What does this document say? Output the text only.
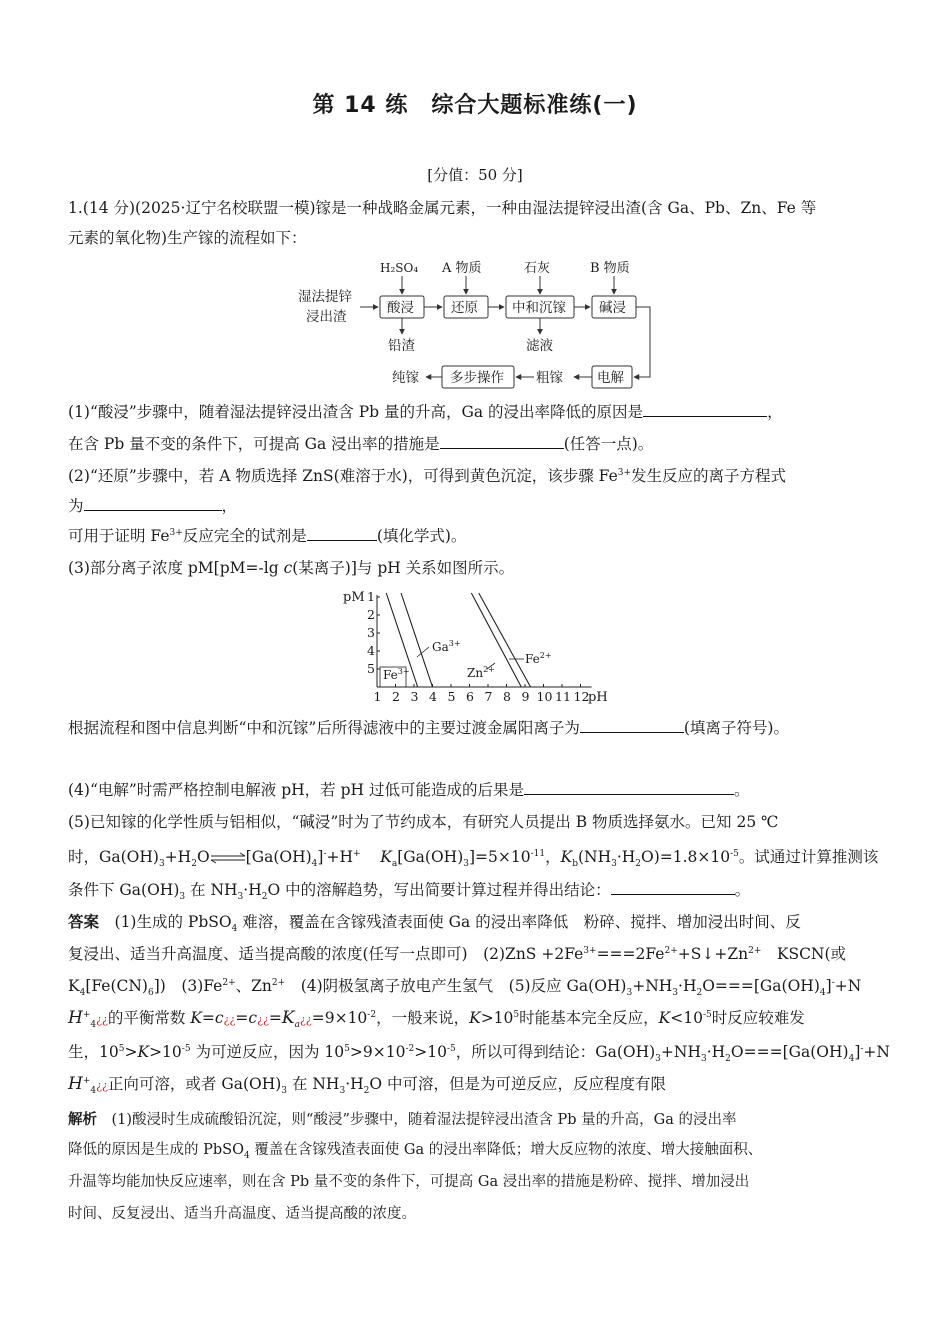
第 14 练　综合大题标准练(一)
[分值：50 分]
1.(14 分)(2025·辽宁名校联盟一模)镓是一种战略金属元素，一种由湿法提锌浸出渣(含 Ga、Pb、Zn、Fe 等
元素的氧化物)生产镓的流程如下：
湿法提锌
浸出渣
酸浸	还原	中和沉镓 碱浸
H₂SO₄ A 物质	石灰	B 物质
铅渣	滤液
电解
粗镓
多步操作
纯镓
(1)“酸浸”步骤中，随着湿法提锌浸出渣含 Pb 量的升高，Ga 的浸出率降低的原因是	，
在含 Pb 量不变的条件下，可提高 Ga 浸出率的措施是	(任答一点)。
(2)“还原”步骤中，若 A 物质选择 ZnS(难溶于水)，可得到黄色沉淀，该步骤 $Fe^{3+}$发生反应的离子方程式
为	，
可用于证明 $Fe^{3+}$反应完全的试剂是	(填化学式)。
(3)部分离子浓度 pM[pM=-lg c(某离子)]与 pH 关系如图所示。
1 2 3 4 5 6 7 8 9 10 11 12
1
2
3
4
5
pM
pH
$Fe^{3+}$
$Ga^{3+}$
$Zn^{2+}$
$Fe^{2+}$
根据流程和图中信息判断“中和沉镓”后所得滤液中的主要过渡金属阳离子为	(填离子符号)。
(4)“电解”时需严格控制电解液 pH，若 pH 过低可能造成的后果是	。
(5)已知镓的化学性质与铝相似，“碱浸”时为了节约成本，有研究人员提出 B 物质选择氨水。已知 25 ℃
时，$Ga(OH)_3+H_2O\rightleftharpoons[Ga(OH)_4]^-+H^+$ $K_a[Ga(OH)_3]=5\times 10^{-11}$，$K_b(NH_3\cdot H_2O)=1.8\times 10^{-5}$。试通过计算推测该
条件下 $Ga(OH)_3$ 在 $NH_3\cdot H_2O$ 中的溶解趋势，写出简要计算过程并得出结论：	。
答案　(1)生成的 PbSO$_4$ 难溶，覆盖在含镓残渣表面使 Ga 的浸出率降低　粉碎、搅拌、增加浸出时间、反
复浸出、适当升高温度、适当提高酸的浓度(任写一点即可)　$(2)ZnS +2Fe^{3+}===2Fe^{2+}+S↓+Zn^{2+}$　KSCN(或
$K_4[Fe(CN)_6]$)　$(3)Fe^{2+}$、$Zn^{2+}$　(4)阴极氢离子放电产生氢气　(5)反应 $Ga(OH)_3+NH_3\cdot H_2O===[Ga(OH)_4]^-+N$
$H^+_4¿¿$的平衡常数 $K=c¿¿=c¿¿=K_a¿¿=9\times 10^{-2}$，一般来说，$K>10^5$时能基本完全反应，$K<10^{-5}$时反应较难发
生，$10^5>K>10^{-5}$ 为可逆反应，因为 $10^5>9\times 10^{-2}>10^{-5}$，所以可得到结论：$Ga(OH)_3+NH_3\cdot H_2O===[Ga(OH)_4]^-+N$
$H^+_4¿¿$正向可溶，或者 $Ga(OH)_3$ 在 $NH_3\cdot H_2O$ 中可溶，但是为可逆反应，反应程度有限
解析　(1)酸浸时生成硫酸铅沉淀，则“酸浸”步骤中，随着湿法提锌浸出渣含 Pb 量的升高，Ga 的浸出率
降低的原因是生成的 PbSO$_4$ 覆盖在含镓残渣表面使 Ga 的浸出率降低；增大反应物的浓度、增大接触面积、
升温等均能加快反应速率，则在含 Pb 量不变的条件下，可提高 Ga 浸出率的措施是粉碎、搅拌、增加浸出
时间、反复浸出、适当升高温度、适当提高酸的浓度。
